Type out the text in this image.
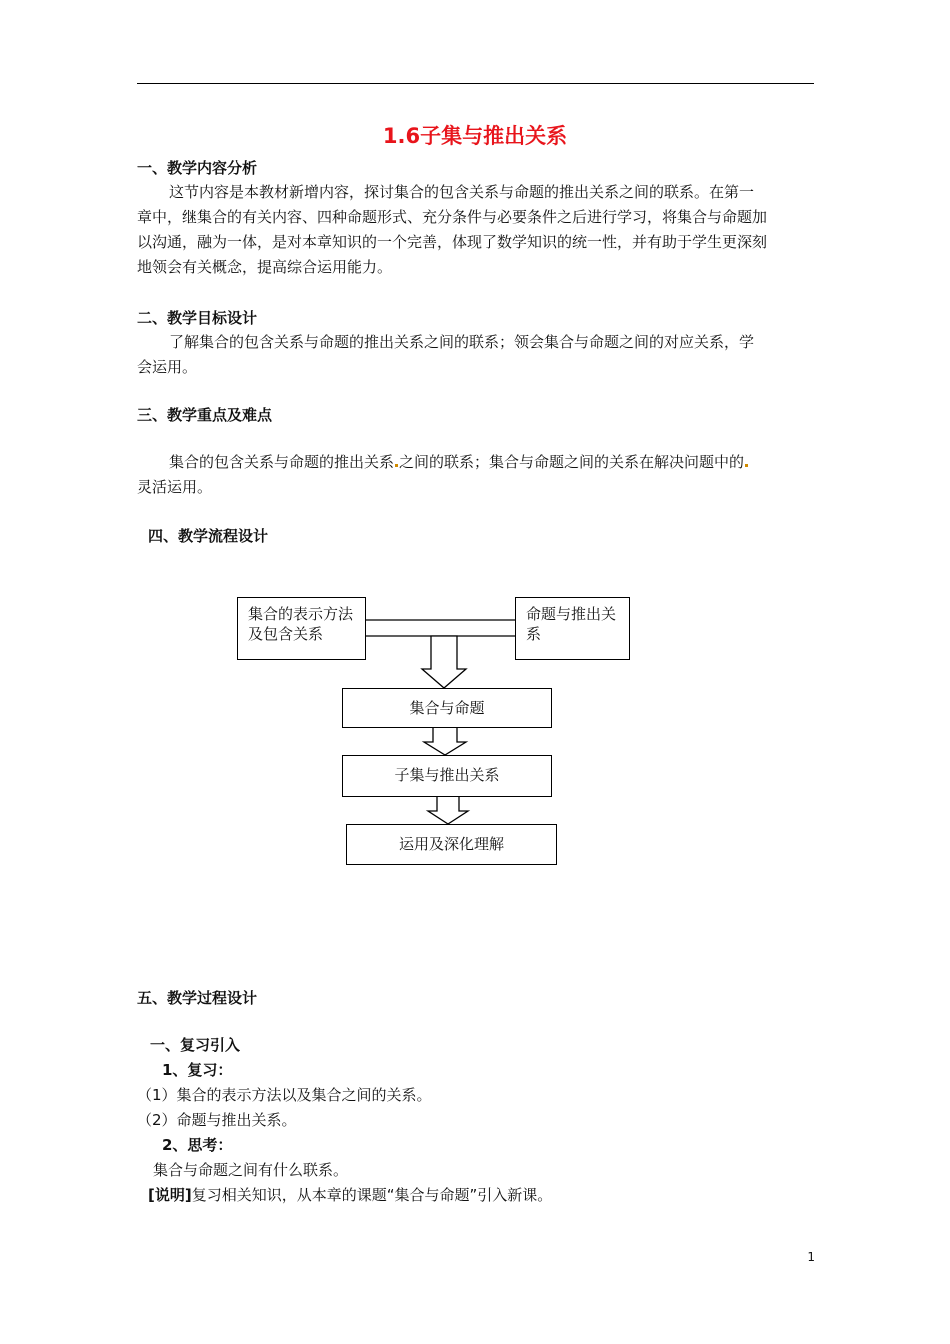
1.6子集与推出关系
一、教学内容分析
这节内容是本教材新增内容，探讨集合的包含关系与命题的推出关系之间的联系。在第一
章中，继集合的有关内容、四种命题形式、充分条件与必要条件之后进行学习，将集合与命题加
以沟通，融为一体，是对本章知识的一个完善，体现了数学知识的统一性，并有助于学生更深刻
地领会有关概念，提高综合运用能力。
二、教学目标设计
了解集合的包含关系与命题的推出关系之间的联系；领会集合与命题之间的对应关系，学
会运用。
三、教学重点及难点
集合的包含关系与命题的推出关系 之间的联系；集合与命题之间的关系在解决问题中的
灵活运用。
四、教学流程设计
集合的表示方法及包含关系
命题与推出关系
集合与命题
子集与推出关系
运用及深化理解
五、教学过程设计
一、复习引入
1、复习：
（1）集合的表示方法以及集合之间的关系。
（2）命题与推出关系。
2、思考：
集合与命题之间有什么联系。
[说明]复习相关知识，从本章的课题“集合与命题”引入新课。
1
